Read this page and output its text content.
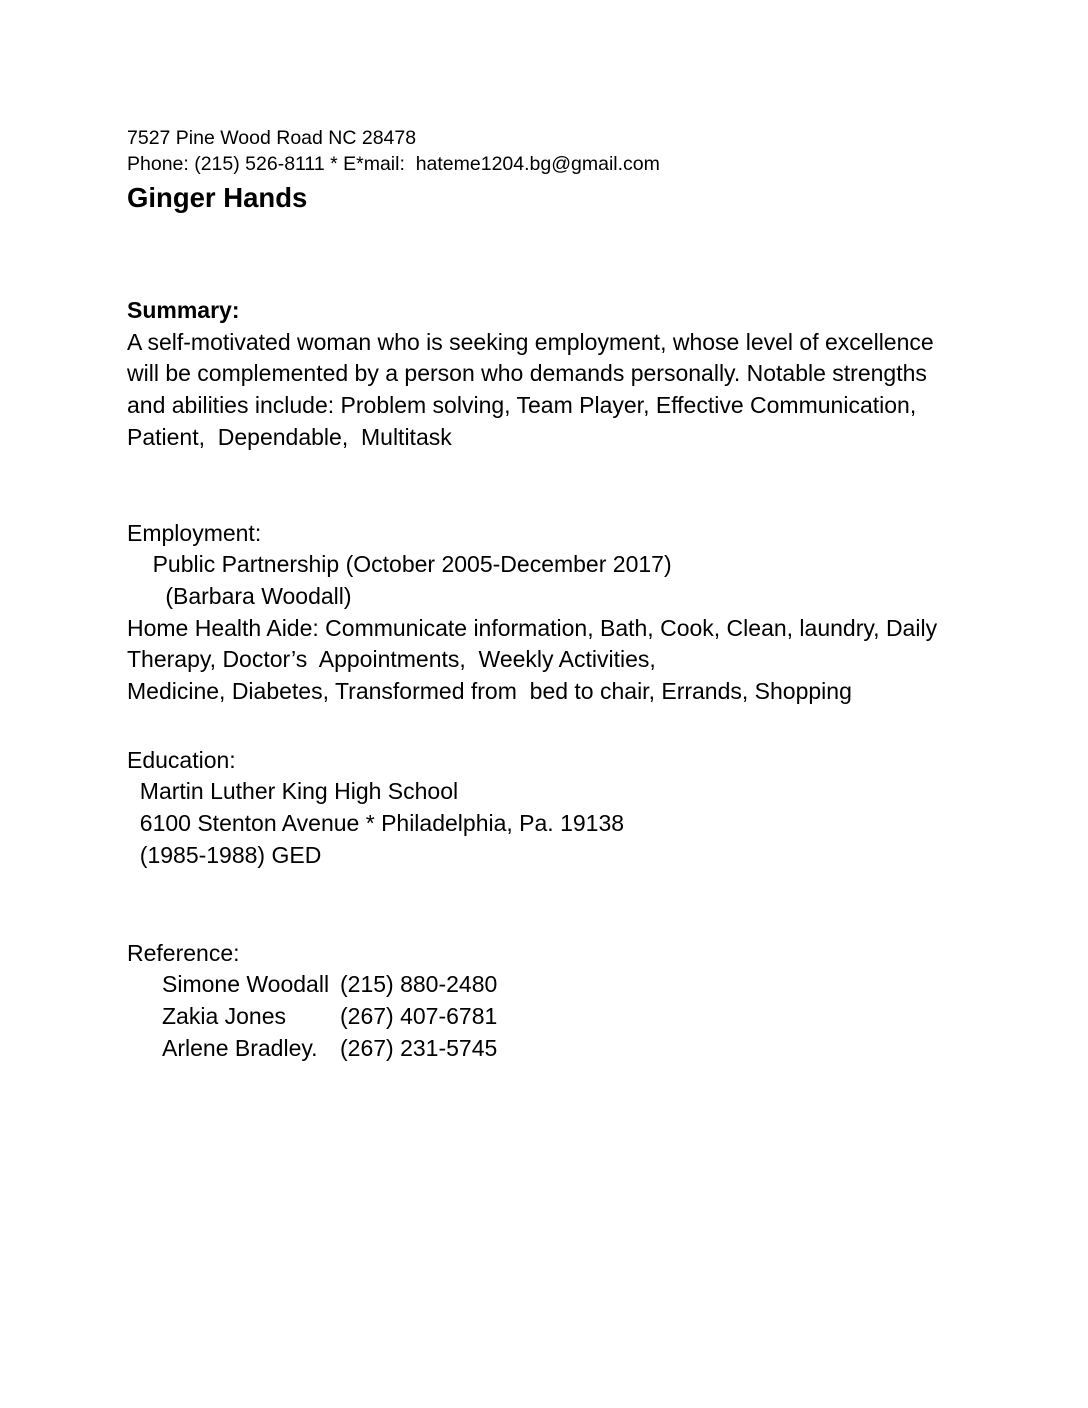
7527 Pine Wood Road NC 28478
Phone: (215) 526-8111 * E*mail:  hateme1204.bg@gmail.com
Ginger Hands
Summary:
A self-motivated woman who is seeking employment, whose level of excellence
will be complemented by a person who demands personally. Notable strengths
and abilities include: Problem solving, Team Player, Effective Communication,
Patient,  Dependable,  Multitask
Employment:
Public Partnership (October 2005-December 2017)
(Barbara Woodall)
Home Health Aide: Communicate information, Bath, Cook, Clean, laundry, Daily
Therapy, Doctor’s  Appointments,  Weekly Activities,
Medicine, Diabetes, Transformed from  bed to chair, Errands, Shopping
Education:
Martin Luther King High School
6100 Stenton Avenue * Philadelphia, Pa. 19138
(1985-1988) GED
Reference:
Simone Woodall (215) 880-2480
Zakia Jones	(267) 407-6781
Arlene Bradley. (267) 231-5745
